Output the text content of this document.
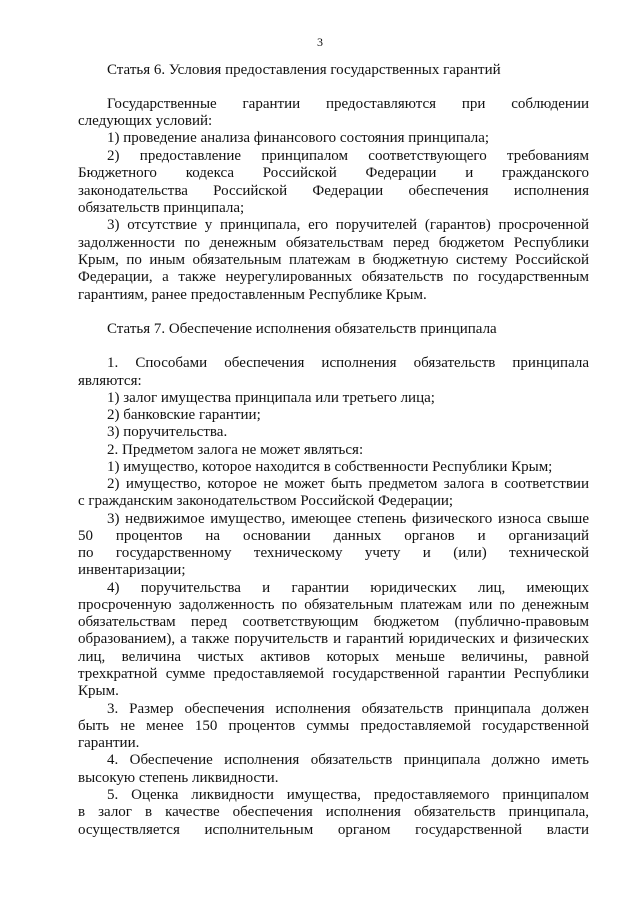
3
Статья 6. Условия предоставления государственных гарантий
Государственные гарантии предоставляются при соблюдении
следующих условий:
1) проведение анализа финансового состояния принципала;
2) предоставление принципалом соответствующего требованиям
Бюджетного кодекса Российской Федерации и гражданского
законодательства Российской Федерации обеспечения исполнения
обязательств принципала;
3) отсутствие у принципала, его поручителей (гарантов) просроченной
задолженности по денежным обязательствам перед бюджетом Республики
Крым, по иным обязательным платежам в бюджетную систему Российской
Федерации, а также неурегулированных обязательств по государственным
гарантиям, ранее предоставленным Республике Крым.
Статья 7. Обеспечение исполнения обязательств принципала
1. Способами обеспечения исполнения обязательств принципала
являются:
1) залог имущества принципала или третьего лица;
2) банковские гарантии;
3) поручительства.
2. Предметом залога не может являться:
1) имущество, которое находится в собственности Республики Крым;
2) имущество, которое не может быть предметом залога в соответствии
с гражданским законодательством Российской Федерации;
3) недвижимое имущество, имеющее степень физического износа свыше
50 процентов на основании данных органов и организаций
по государственному техническому учету и (или) технической
инвентаризации;
4) поручительства и гарантии юридических лиц, имеющих
просроченную задолженность по обязательным платежам или по денежным
обязательствам перед соответствующим бюджетом (публично-правовым
образованием), а также поручительств и гарантий юридических и физических
лиц, величина чистых активов которых меньше величины, равной
трехкратной сумме предоставляемой государственной гарантии Республики
Крым.
3. Размер обеспечения исполнения обязательств принципала должен
быть не менее 150 процентов суммы предоставляемой государственной
гарантии.
4. Обеспечение исполнения обязательств принципала должно иметь
высокую степень ликвидности.
5. Оценка ликвидности имущества, предоставляемого принципалом
в залог в качестве обеспечения исполнения обязательств принципала,
осуществляется исполнительным органом государственной власти
